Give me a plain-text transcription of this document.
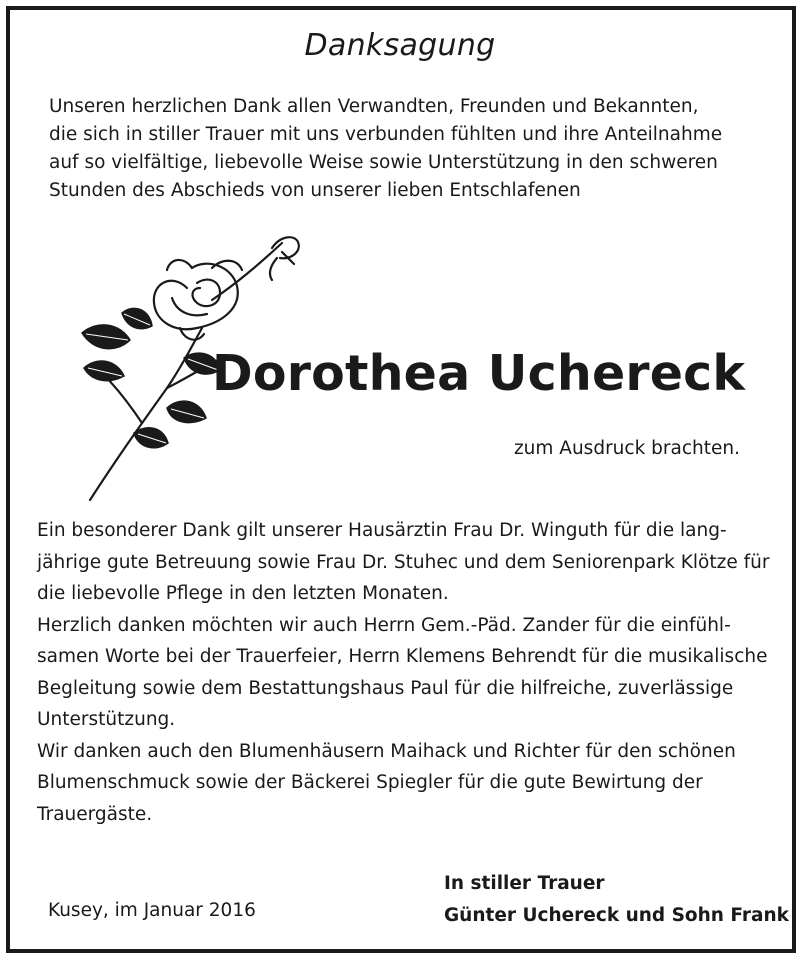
Danksagung
Unseren herzlichen Dank allen Verwandten, Freunden und Bekannten,
die sich in stiller Trauer mit uns verbunden fühlten und ihre Anteilnahme
auf so vielfältige, liebevolle Weise sowie Unterstützung in den schweren
Stunden des Abschieds von unserer lieben Entschlafenen
Dorothea Uchereck
zum Ausdruck brachten.
Ein besonderer Dank gilt unserer Hausärztin Frau Dr. Winguth für die lang-
jährige gute Betreuung sowie Frau Dr. Stuhec und dem Seniorenpark Klötze für
die liebevolle Pflege in den letzten Monaten.
Herzlich danken möchten wir auch Herrn Gem.-Päd. Zander für die einfühl-
samen Worte bei der Trauerfeier, Herrn Klemens Behrendt für die musikalische
Begleitung sowie dem Bestattungshaus Paul für die hilfreiche, zuverlässige
Unterstützung.
Wir danken auch den Blumenhäusern Maihack und Richter für den schönen
Blumenschmuck sowie der Bäckerei Spiegler für die gute Bewirtung der
Trauergäste.
Kusey, im Januar 2016
In stiller Trauer
Günter Uchereck und Sohn Frank
